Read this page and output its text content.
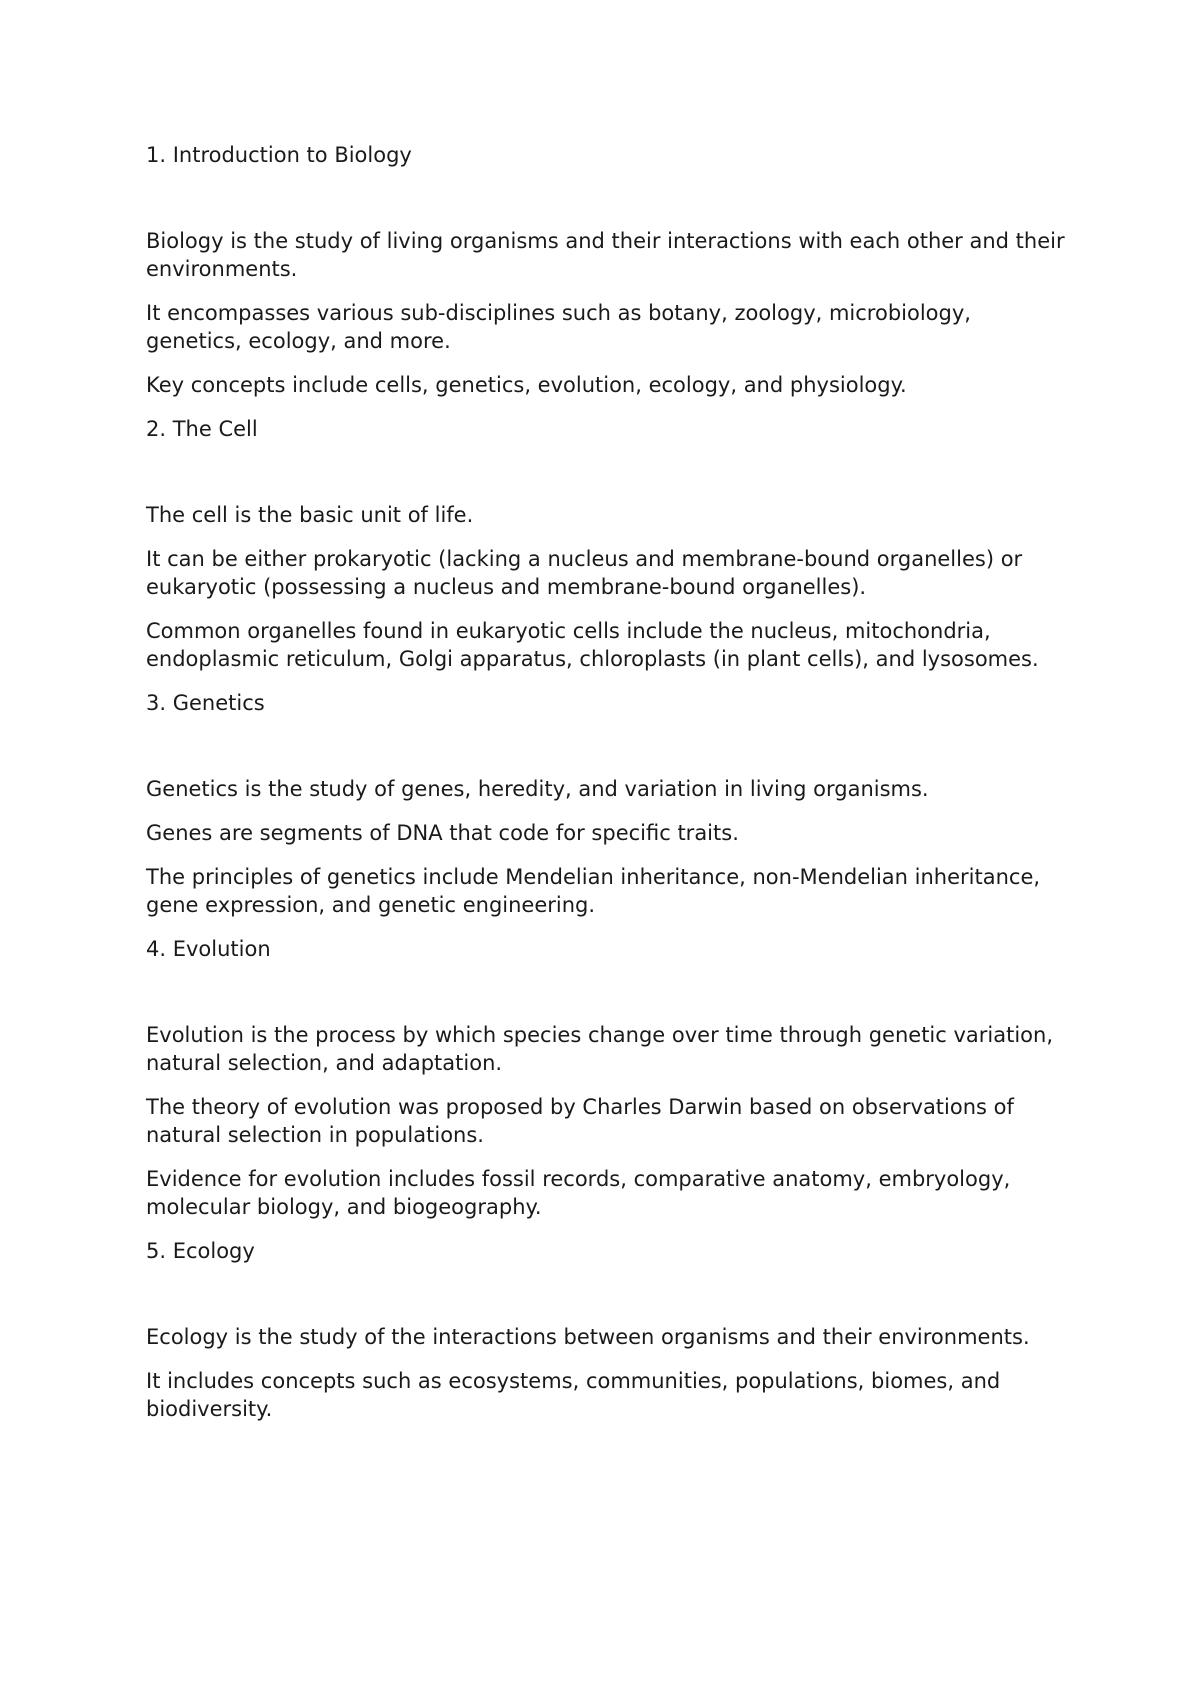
1. Introduction to Biology

Biology is the study of living organisms and their interactions with each other and their environments.

It encompasses various sub-disciplines such as botany, zoology, microbiology, genetics, ecology, and more.

Key concepts include cells, genetics, evolution, ecology, and physiology.

2. The Cell

The cell is the basic unit of life.

It can be either prokaryotic (lacking a nucleus and membrane-bound organelles) or eukaryotic (possessing a nucleus and membrane-bound organelles).

Common organelles found in eukaryotic cells include the nucleus, mitochondria, endoplasmic reticulum, Golgi apparatus, chloroplasts (in plant cells), and lysosomes.

3. Genetics

Genetics is the study of genes, heredity, and variation in living organisms.

Genes are segments of DNA that code for specific traits.

The principles of genetics include Mendelian inheritance, non-Mendelian inheritance, gene expression, and genetic engineering.

4. Evolution

Evolution is the process by which species change over time through genetic variation, natural selection, and adaptation.

The theory of evolution was proposed by Charles Darwin based on observations of natural selection in populations.

Evidence for evolution includes fossil records, comparative anatomy, embryology, molecular biology, and biogeography.

5. Ecology

Ecology is the study of the interactions between organisms and their environments.

It includes concepts such as ecosystems, communities, populations, biomes, and biodiversity.
